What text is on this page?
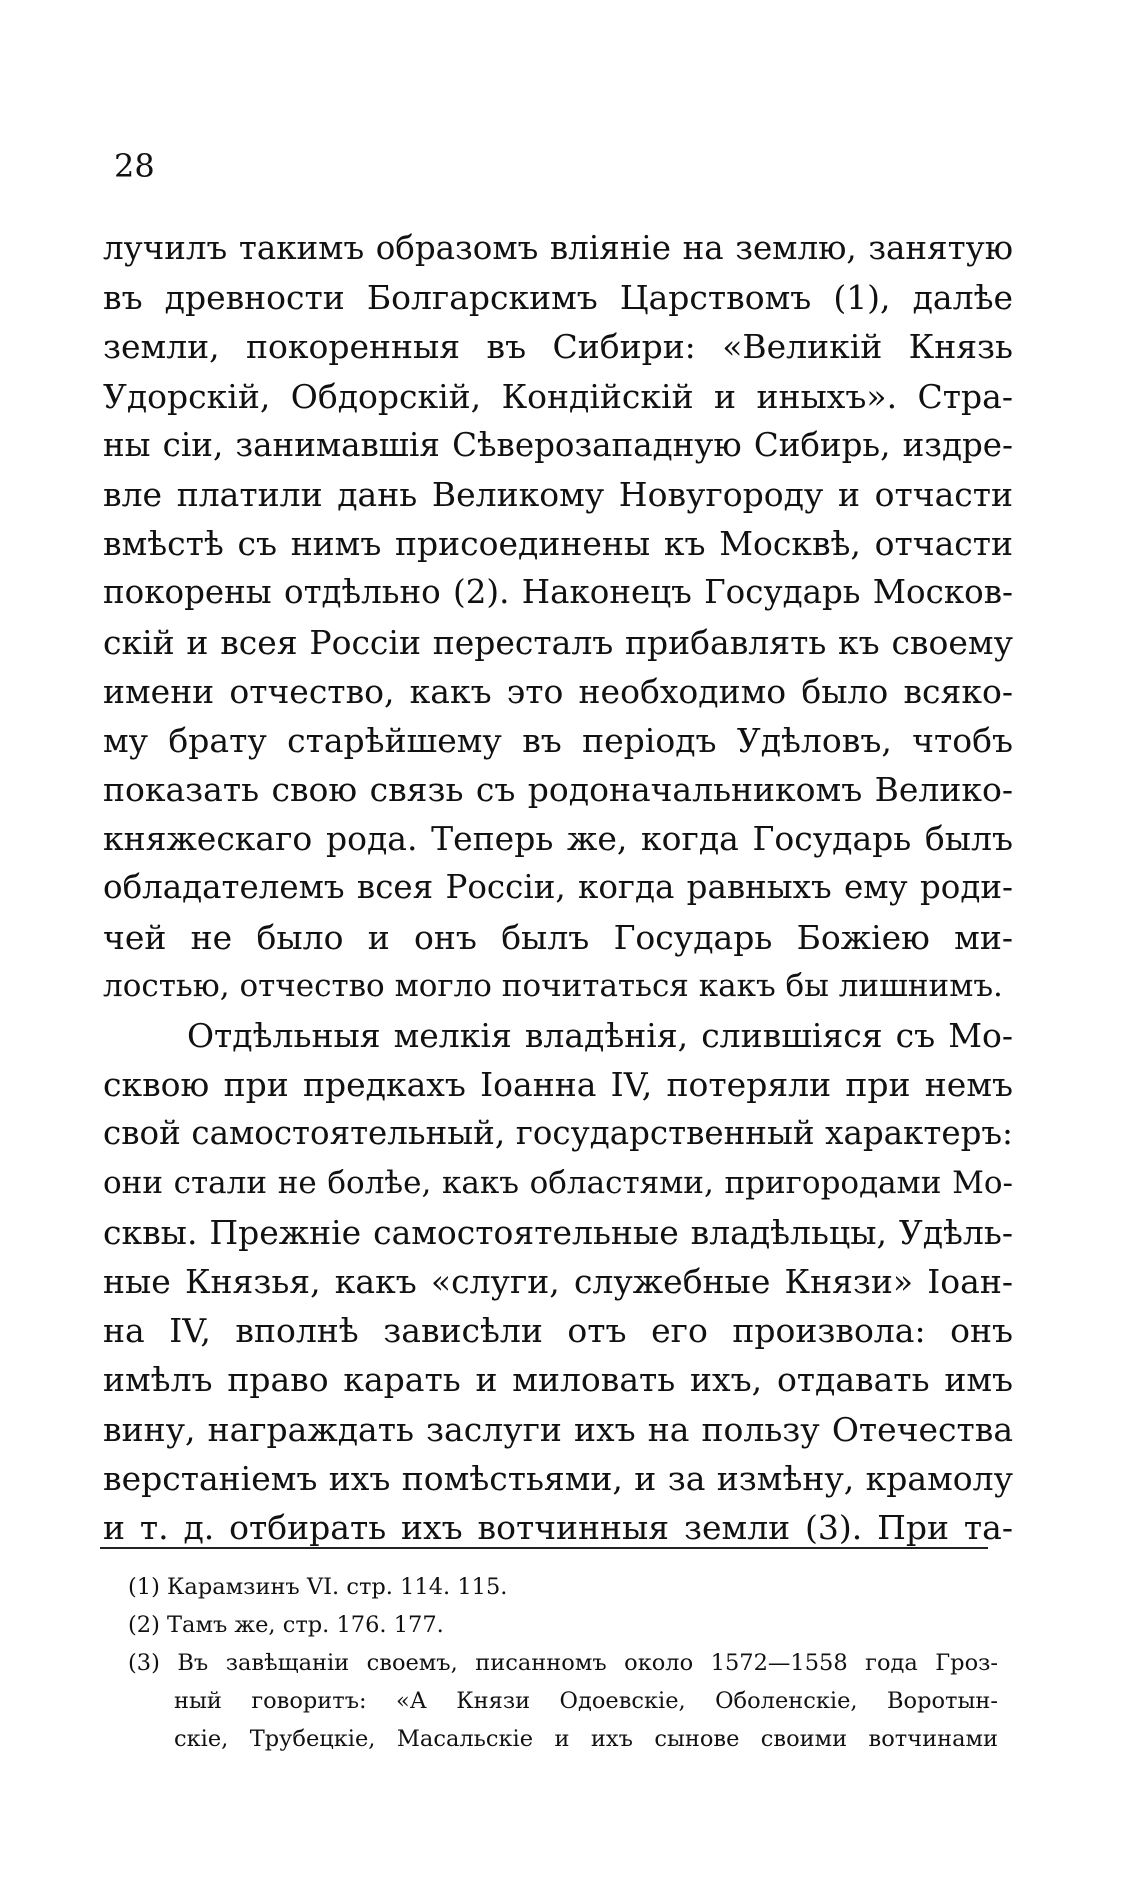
28
лучилъ такимъ образомъ вліяніе на землю, занятую
въ древности Болгарскимъ Царствомъ (1), далѣе
земли, покоренныя въ Сибири: «Великій Князь
Удорскій, Обдорскій, Кондійскій и иныхъ». Стра-
ны сіи, занимавшія Сѣверозападную Сибирь, издре-
вле платили дань Великому Новугороду и отчасти
вмѣстѣ съ нимъ присоединены къ Москвѣ, отчасти
покорены отдѣльно (2). Наконецъ Государь Москов-
скій и всея Россіи пересталъ прибавлять къ своему
имени отчество, какъ это необходимо было всяко-
му брату старѣйшему въ періодъ Удѣловъ, чтобъ
показать свою связь съ родоначальникомъ Велико-
княжескаго рода. Теперь же, когда Государь былъ
обладателемъ всея Россіи, когда равныхъ ему роди-
чей не было и онъ былъ Государь Божіею ми-
лостью, отчество могло почитаться какъ бы лишнимъ.
Отдѣльныя мелкія владѣнія, слившіяся съ Мо-
сквою при предкахъ Іоанна IV, потеряли при немъ
свой самостоятельный, государственный характеръ:
они стали не болѣе, какъ областями, пригородами Мо-
сквы. Прежніе самостоятельные владѣльцы, Удѣль-
ные Князья, какъ «слуги, служебные Князи» Іоан-
на IV, вполнѣ зависѣли отъ его произвола: онъ
имѣлъ право карать и миловать ихъ, отдавать имъ
вину, награждать заслуги ихъ на пользу Отечества
верстаніемъ ихъ помѣстьями, и за измѣну, крамолу
и т. д. отбирать ихъ вотчинныя земли (3). При та-
(1) Карамзинъ VI. стр. 114. 115.
(2) Тамъ же, стр. 176. 177.
(3) Въ завѣщаніи своемъ, писанномъ около 1572—1558 года Гроз-
ный говоритъ: «А Князи Одоевскіе, Оболенскіе, Воротын-
скіе, Трубецкіе, Масальскіе и ихъ сынове своими вотчинами
